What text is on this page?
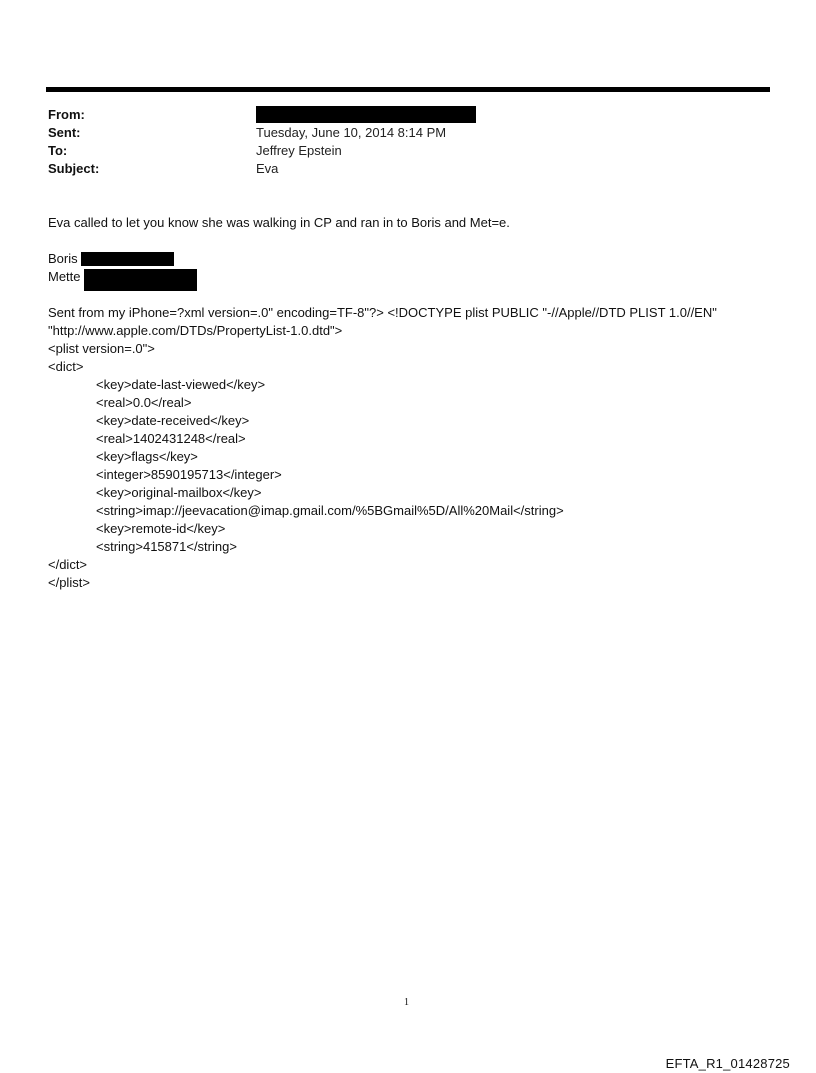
From:
Sent:	Tuesday, June 10, 2014 8:14 PM
To:	Jeffrey Epstein
Subject:	Eva

Eva called to let you know she was walking in CP and ran in to Boris and Met=e.

Boris
Mette
Sent from my iPhone=?xml version=.0" encoding=TF-8"?> <!DOCTYPE plist PUBLIC "-//Apple//DTD PLIST 1.0//EN"
"http://www.apple.com/DTDs/PropertyList-1.0.dtd">
<plist version=.0">
<dict>
<key>date-last-viewed</key>
<real>0.0</real>
<key>date-received</key>
<real>1402431248</real>
<key>flags</key>
<integer>8590195713</integer>
<key>original-mailbox</key>
<string>imap://jeevacation@imap.gmail.com/%5BGmail%5D/All%20Mail</string>
<key>remote-id</key>
<string>415871</string>
</dict>
</plist>
1
EFTA_R1_01428725
